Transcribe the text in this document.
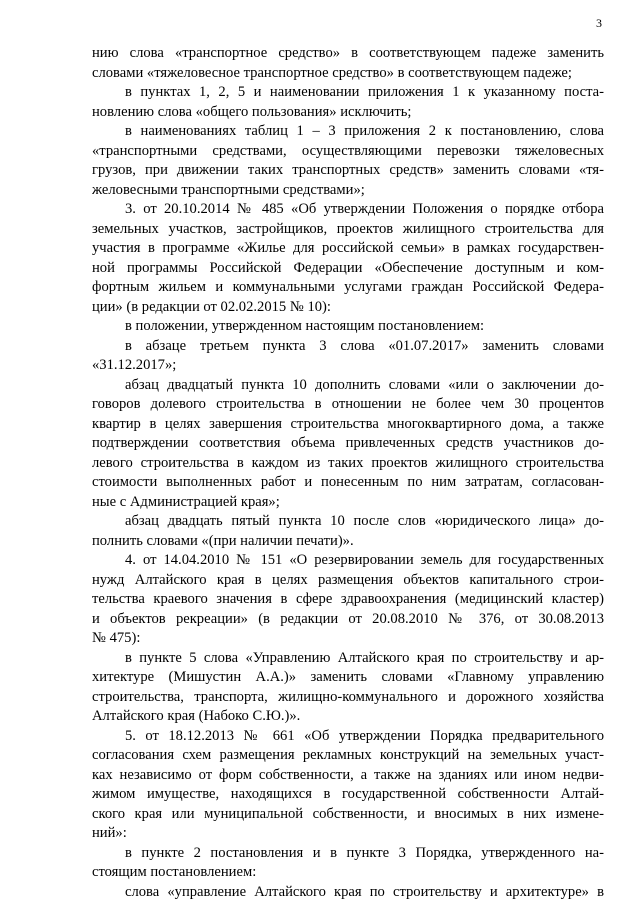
3
нию слова «транспортное средство» в соответствующем падеже заменить
словами «тяжеловесное транспортное средство» в соответствующем падеже;
в пунктах 1, 2, 5 и наименовании приложения 1 к указанному поста-
новлению слова «общего пользования» исключить;
в наименованиях таблиц 1 – 3 приложения 2 к постановлению, слова
«транспортными средствами, осуществляющими перевозки тяжеловесных
грузов, при движении таких транспортных средств» заменить словами «тя-
желовесными транспортными средствами»;
3. от 20.10.2014 № 485 «Об утверждении Положения о порядке отбора
земельных участков, застройщиков, проектов жилищного строительства для
участия в программе «Жилье для российской семьи» в рамках государствен-
ной программы Российской Федерации «Обеспечение доступным и ком-
фортным жильем и коммунальными услугами граждан Российской Федера-
ции» (в редакции от 02.02.2015 № 10):
в положении, утвержденном настоящим постановлением:
в абзаце третьем пункта 3 слова «01.07.2017» заменить словами
«31.12.2017»;
абзац двадцатый пункта 10 дополнить словами «или о заключении до-
говоров долевого строительства в отношении не более чем 30 процентов
квартир в целях завершения строительства многоквартирного дома, а также
подтверждении соответствия объема привлеченных средств участников до-
левого строительства в каждом из таких проектов жилищного строительства
стоимости выполненных работ и понесенным по ним затратам, согласован-
ные с Администрацией края»;
абзац двадцать пятый пункта 10 после слов «юридического лица» до-
полнить словами «(при наличии печати)».
4. от 14.04.2010 № 151 «О резервировании земель для государственных
нужд Алтайского края в целях размещения объектов капитального строи-
тельства краевого значения в сфере здравоохранения (медицинский кластер)
и объектов рекреации» (в редакции от 20.08.2010 № 376, от 30.08.2013
№ 475):
в пункте 5 слова «Управлению Алтайского края по строительству и ар-
хитектуре (Мишустин А.А.)» заменить словами «Главному управлению
строительства, транспорта, жилищно-коммунального и дорожного хозяйства
Алтайского края (Набоко С.Ю.)».
5. от 18.12.2013 № 661 «Об утверждении Порядка предварительного
согласования схем размещения рекламных конструкций на земельных участ-
ках независимо от форм собственности, а также на зданиях или ином недви-
жимом имуществе, находящихся в государственной собственности Алтай-
ского края или муниципальной собственности, и вносимых в них измене-
ний»:
в пункте 2 постановления и в пункте 3 Порядка, утвержденного на-
стоящим постановлением:
слова «управление Алтайского края по строительству и архитектуре» в
